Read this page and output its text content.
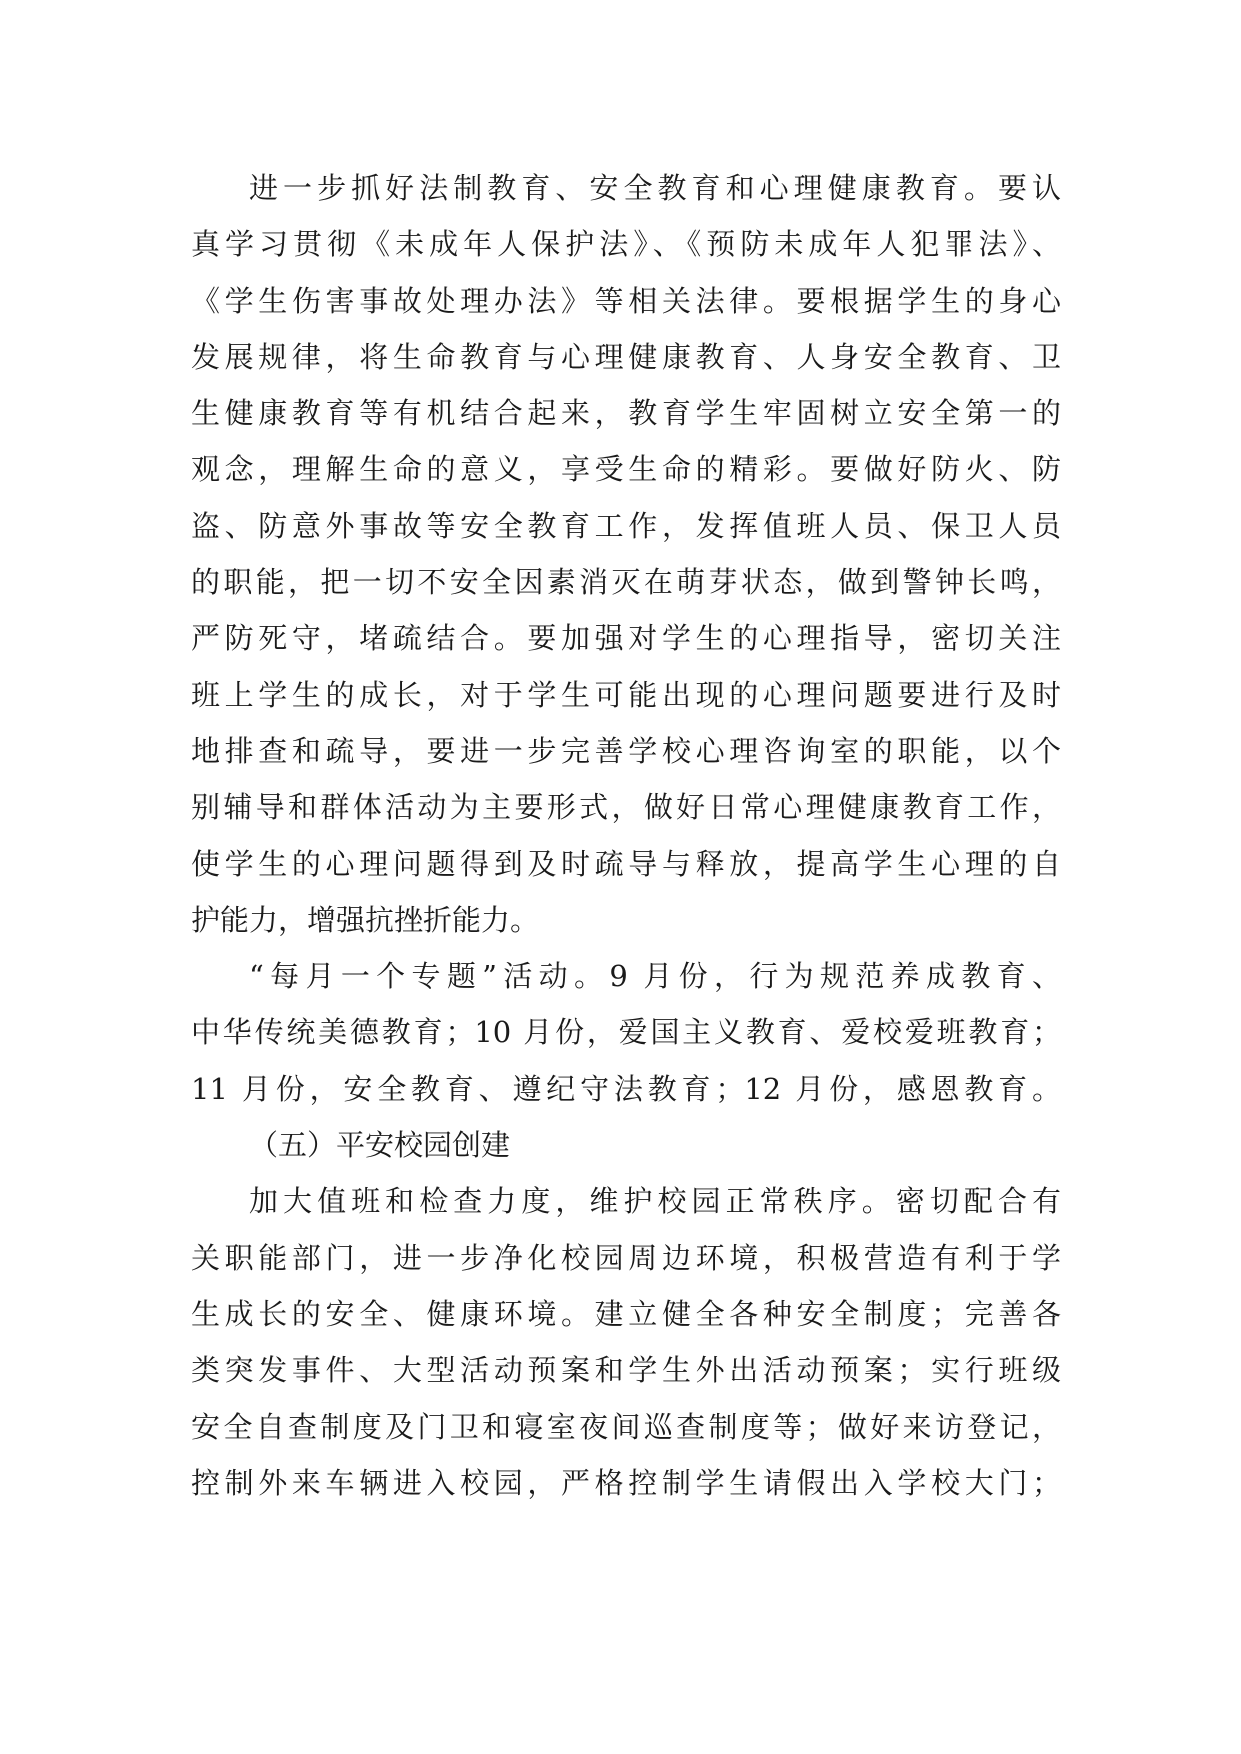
进一步抓好法制教育、安全教育和心理健康教育。要认
真学习贯彻《未成年人保护法》、《预防未成年人犯罪法》、
《学生伤害事故处理办法》等相关法律。要根据学生的身心
发展规律，将生命教育与心理健康教育、人身安全教育、卫
生健康教育等有机结合起来，教育学生牢固树立安全第一的
观念，理解生命的意义，享受生命的精彩。要做好防火、防
盗、防意外事故等安全教育工作，发挥值班人员、保卫人员
的职能，把一切不安全因素消灭在萌芽状态，做到警钟长鸣，
严防死守，堵疏结合。要加强对学生的心理指导，密切关注
班上学生的成长，对于学生可能出现的心理问题要进行及时
地排查和疏导，要进一步完善学校心理咨询室的职能，以个
别辅导和群体活动为主要形式，做好日常心理健康教育工作，
使学生的心理问题得到及时疏导与释放，提高学生心理的自
护能力，增强抗挫折能力。
“每月一个专题”活动。9 月份，行为规范养成教育、
中华传统美德教育；10 月份，爱国主义教育、爱校爱班教育；
11 月份，安全教育、遵纪守法教育；12 月份，感恩教育。
（五）平安校园创建
加大值班和检查力度，维护校园正常秩序。密切配合有
关职能部门，进一步净化校园周边环境，积极营造有利于学
生成长的安全、健康环境。建立健全各种安全制度；完善各
类突发事件、大型活动预案和学生外出活动预案；实行班级
安全自查制度及门卫和寝室夜间巡查制度等；做好来访登记，
控制外来车辆进入校园，严格控制学生请假出入学校大门；
